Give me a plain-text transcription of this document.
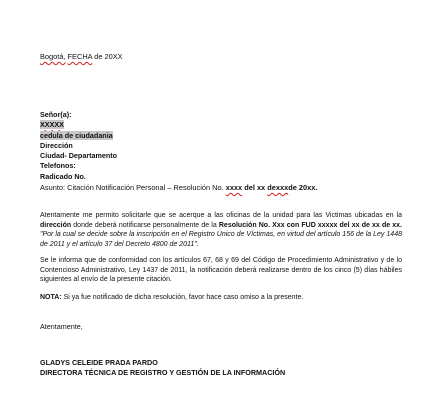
Bogotá, FECHA de 20XX
Señor(a):
XXXXX
cedula de ciudadania
Dirección
Ciudad- Departamento
Telefonos:
Radicado No.
Asunto: Citación Notificación Personal – Resolución No. xxxx del xx dexxxde 20xx.
Atentamente me permito solicitarle que se acerque a las oficinas de la unidad para las Victimas ubicadas en la dirección donde deberá notificarse personalmente de la Resolución No. Xxx con FUD xxxxx del xx de xx de xx. "Por la cual se decide sobre la inscripción en el Registro Único de Víctimas, en virtud del artículo 156 de la Ley 1448 de 2011 y el artículo 37 del Decreto 4800 de 2011".
Se le informa que de conformidad con los artículos 67, 68 y 69 del Código de Procedimiento Administrativo y de lo Contencioso Administrativo, Ley 1437 de 2011, la notificación deberá realizarse dentro de los cinco (5) días hábiles siguientes al envío de la presente citación.
NOTA: Si ya fue notificado de dicha resolución, favor hace caso omiso a la presente.
Atentamente,
GLADYS CELEIDE PRADA PARDO
DIRECTORA TÉCNICA DE REGISTRO Y GESTIÓN DE LA INFORMACIÓN
